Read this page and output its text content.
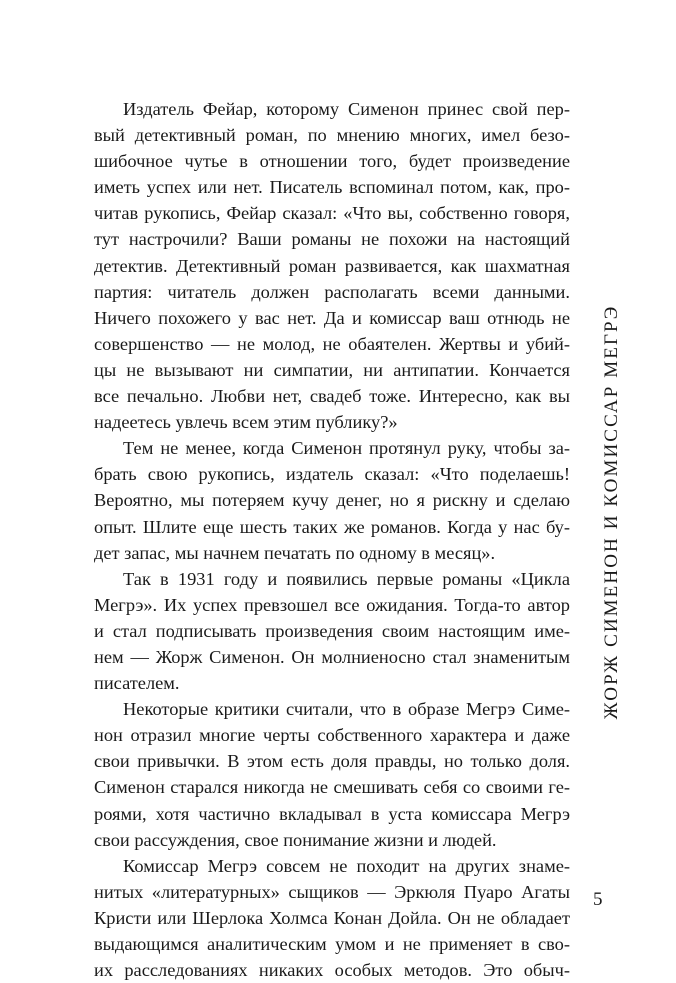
Издатель Фейар, которому Сименон принес свой пер-
вый детективный роман, по мнению многих, имел безо-
шибочное чутье в отношении того, будет произведение
иметь успех или нет. Писатель вспоминал потом, как, про-
читав рукопись, Фейар сказал: «Что вы, собственно говоря,
тут настрочили? Ваши романы не похожи на настоящий
детектив. Детективный роман развивается, как шахматная
партия: читатель должен располагать всеми данными.
Ничего похожего у вас нет. Да и комиссар ваш отнюдь не
совершенство — не молод, не обаятелен. Жертвы и убий-
цы не вызывают ни симпатии, ни антипатии. Кончается
все печально. Любви нет, свадеб тоже. Интересно, как вы
надеетесь увлечь всем этим публику?»
Тем не менее, когда Сименон протянул руку, чтобы за-
брать свою рукопись, издатель сказал: «Что поделаешь!
Вероятно, мы потеряем кучу денег, но я рискну и сделаю
опыт. Шлите еще шесть таких же романов. Когда у нас бу-
дет запас, мы начнем печатать по одному в месяц».
Так в 1931 году и появились первые романы «Цикла
Мегрэ». Их успех превзошел все ожидания. Тогда-то автор
и стал подписывать произведения своим настоящим име-
нем — Жорж Сименон. Он молниеносно стал знаменитым
писателем.
Некоторые критики считали, что в образе Мегрэ Симе-
нон отразил многие черты собственного характера и даже
свои привычки. В этом есть доля правды, но только доля.
Сименон старался никогда не смешивать себя со своими ге-
роями, хотя частично вкладывал в уста комиссара Мегрэ
свои рассуждения, свое понимание жизни и людей.
Комиссар Мегрэ совсем не походит на других знаме-
нитых «литературных» сыщиков — Эркюля Пуаро Агаты
Кристи или Шерлока Холмса Конан Дойла. Он не обладает
выдающимся аналитическим умом и не применяет в сво-
их расследованиях никаких особых методов. Это обыч-
ЖОРЖ СИМЕНОН И КОМИССАР МЕГРЭ
5
